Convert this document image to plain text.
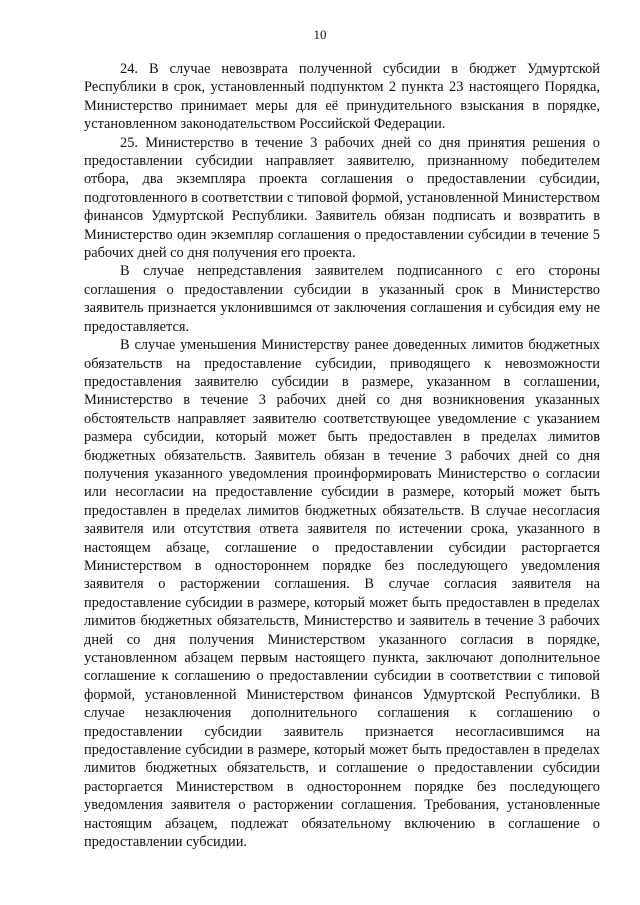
10

24. В случае невозврата полученной субсидии в бюджет Удмуртской Республики в срок, установленный подпунктом 2 пункта 23 настоящего Порядка, Министерство принимает меры для её принудительного взыскания в порядке, установленном законодательством Российской Федерации.

25. Министерство в течение 3 рабочих дней со дня принятия решения о предоставлении субсидии направляет заявителю, признанному победителем отбора, два экземпляра проекта соглашения о предоставлении субсидии, подготовленного в соответствии с типовой формой, установленной Министерством финансов Удмуртской Республики. Заявитель обязан подписать и возвратить в Министерство один экземпляр соглашения о предоставлении субсидии в течение 5 рабочих дней со дня получения его проекта.

В случае непредставления заявителем подписанного с его стороны соглашения о предоставлении субсидии в указанный срок в Министерство заявитель признается уклонившимся от заключения соглашения и субсидия ему не предоставляется.

В случае уменьшения Министерству ранее доведенных лимитов бюджетных обязательств на предоставление субсидии, приводящего к невозможности предоставления заявителю субсидии в размере, указанном в соглашении, Министерство в течение 3 рабочих дней со дня возникновения указанных обстоятельств направляет заявителю соответствующее уведомление с указанием размера субсидии, который может быть предоставлен в пределах лимитов бюджетных обязательств. Заявитель обязан в течение 3 рабочих дней со дня получения указанного уведомления проинформировать Министерство о согласии или несогласии на предоставление субсидии в размере, который может быть предоставлен в пределах лимитов бюджетных обязательств. В случае несогласия заявителя или отсутствия ответа заявителя по истечении срока, указанного в настоящем абзаце, соглашение о предоставлении субсидии расторгается Министерством в одностороннем порядке без последующего уведомления заявителя о расторжении соглашения. В случае согласия заявителя на предоставление субсидии в размере, который может быть предоставлен в пределах лимитов бюджетных обязательств, Министерство и заявитель в течение 3 рабочих дней со дня получения Министерством указанного согласия в порядке, установленном абзацем первым настоящего пункта, заключают дополнительное соглашение к соглашению о предоставлении субсидии в соответствии с типовой формой, установленной Министерством финансов Удмуртской Республики. В случае незаключения дополнительного соглашения к соглашению о предоставлении субсидии заявитель признается несогласившимся на предоставление субсидии в размере, который может быть предоставлен в пределах лимитов бюджетных обязательств, и соглашение о предоставлении субсидии расторгается Министерством в одностороннем порядке без последующего уведомления заявителя о расторжении соглашения. Требования, установленные настоящим абзацем, подлежат обязательному включению в соглашение о предоставлении субсидии.
